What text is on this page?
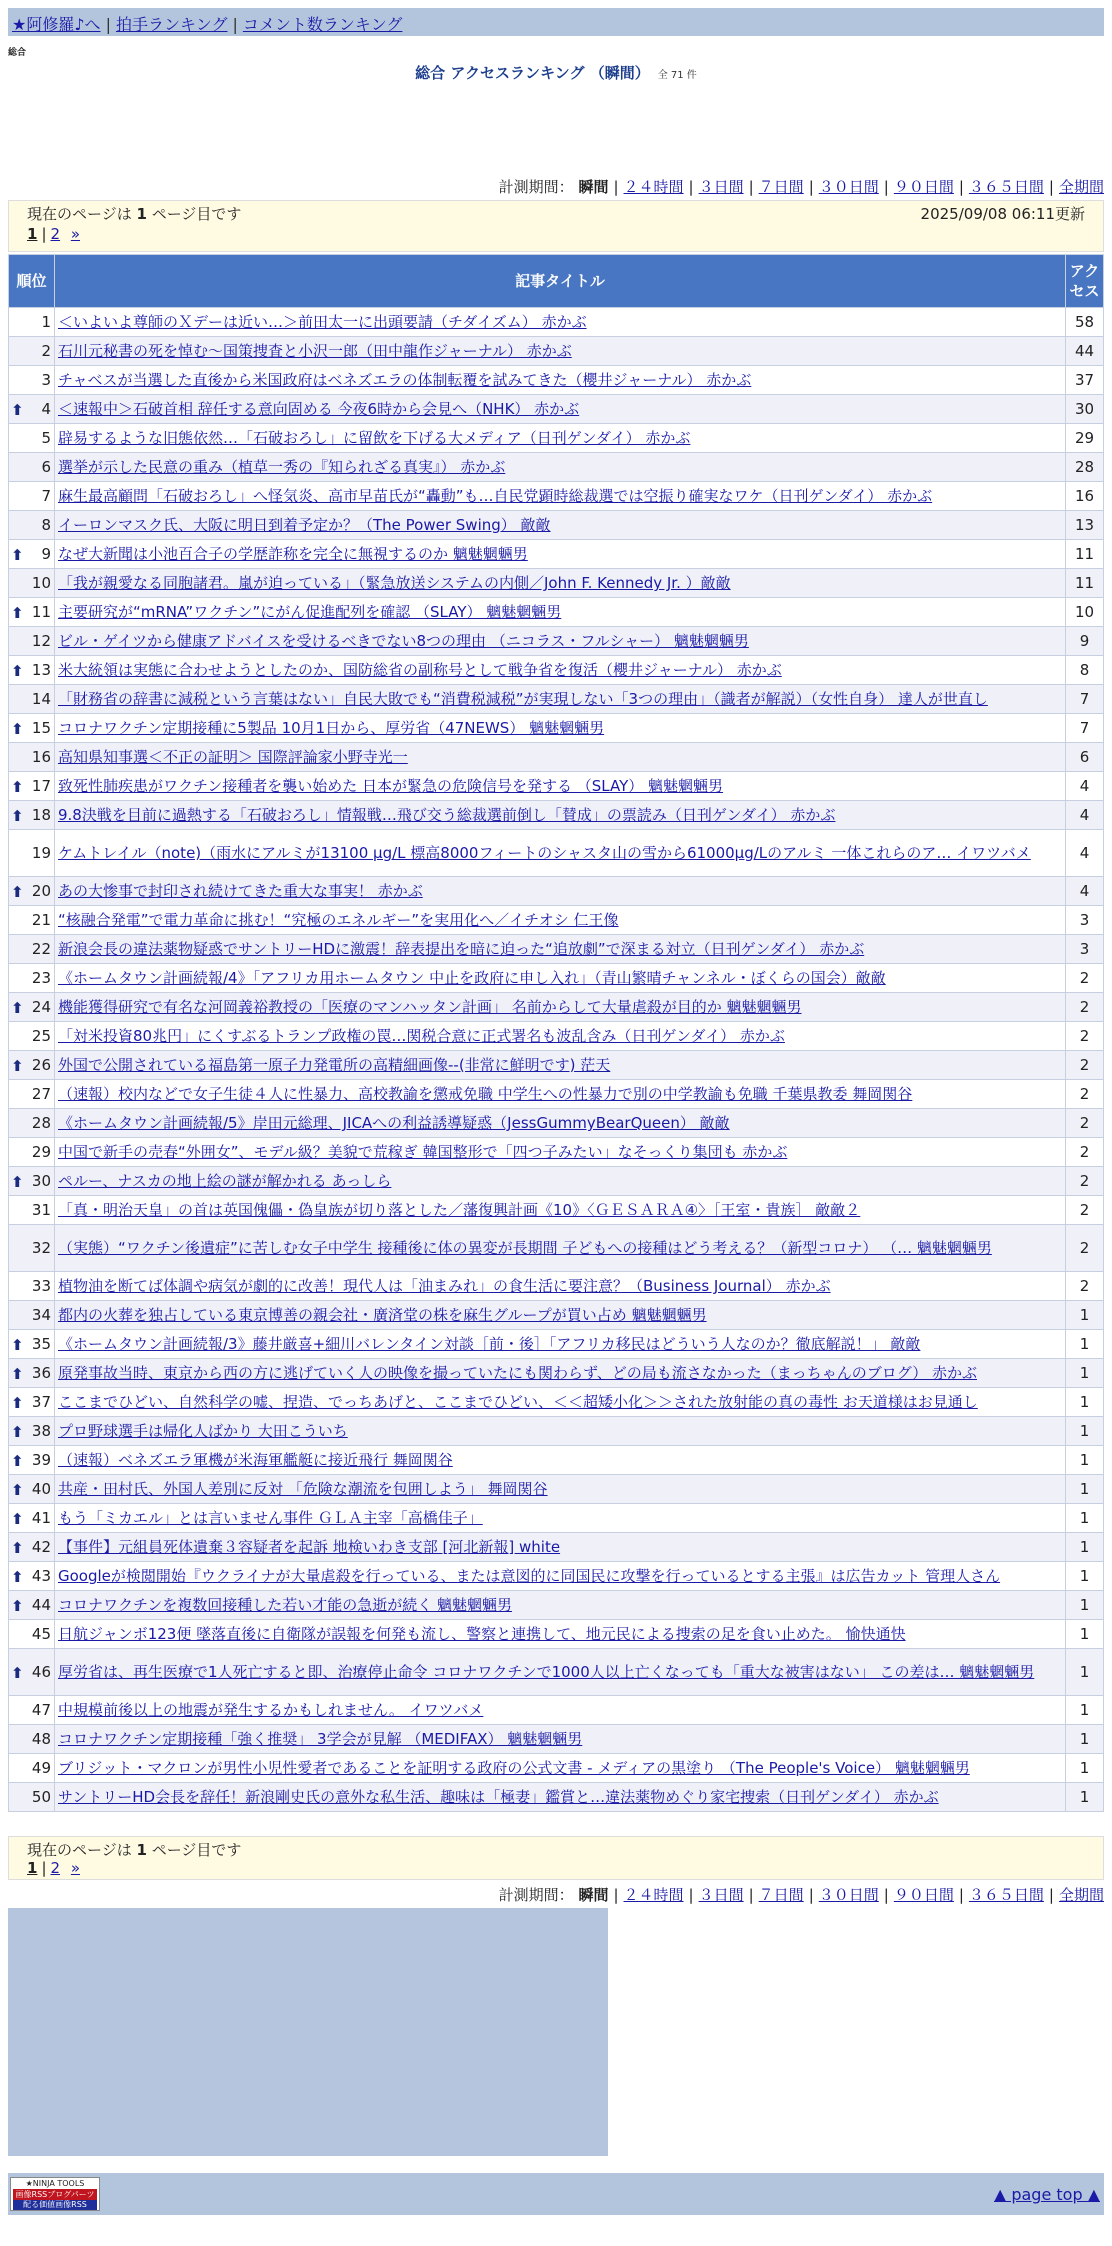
★阿修羅♪へ | 拍手ランキング | コメント数ランキング
総合
総合 アクセスランキング （瞬間） 全 71 件
計測期間： 瞬間 | ２４時間 | ３日間 | ７日間 | ３０日間 | ９０日間 | ３６５日間 | 全期間
現在のページは 1 ページ目です	2025/09/08 06:11更新
1 | 2 »
順位	記事タイトル	アクセス
1	＜いよいよ尊師のＸデーは近い…＞前田太一に出頭要請（チダイズム） 赤かぶ	58
2	石川元秘書の死を悼む〜国策捜査と小沢一郎（田中龍作ジャーナル） 赤かぶ	44
3	チャベスが当選した直後から米国政府はベネズエラの体制転覆を試みてきた（櫻井ジャーナル） 赤かぶ	37

⬆ 4	＜速報中＞石破首相 辞任する意向固める 今夜6時から会見へ（NHK） 赤かぶ	30
5	辟易するような旧態依然…「石破おろし」に留飲を下げる大メディア（日刊ゲンダイ） 赤かぶ	29
6	選挙が示した民意の重み（植草一秀の『知られざる真実』） 赤かぶ	28
7	麻生最高顧問「石破おろし」へ怪気炎、高市早苗氏が“轟動”も…自民党顕時総裁選では空振り確実なワケ（日刊ゲンダイ） 赤かぶ	16
8	イーロンマスク氏、大阪に明日到着予定か？（The Power Swing） 敵敵	13

⬆ 9	なぜ大新聞は小池百合子の学歴詐称を完全に無視するのか 魑魅魍魎男	11
10	「我が親愛なる同胞諸君。嵐が迫っている」（緊急放送システムの内側／John F. Kennedy Jr. ）敵敵	11

⬆ 11	主要研究が“mRNA”ワクチン”にがん促進配列を確認 （SLAY） 魑魅魍魎男	10
12	ビル・ゲイツから健康アドバイスを受けるべきでない8つの理由 （ニコラス・フルシャー） 魑魅魍魎男	9

⬆ 13	米大統領は実態に合わせようとしたのか、国防総省の副称号として戦争省を復活（櫻井ジャーナル） 赤かぶ	8
14	「財務省の辞書に減税という言葉はない」自民大敗でも“消費税減税”が実現しない「3つの理由」（識者が解説）（女性自身） 達人が世直し	7

⬆ 15	コロナワクチン定期接種に5製品 10月1日から、厚労省（47NEWS） 魑魅魍魎男	7
16	高知県知事選＜不正の証明＞ 国際評論家小野寺光一	6

⬆ 17	致死性肺疾患がワクチン接種者を襲い始めた 日本が緊急の危険信号を発する （SLAY） 魑魅魍魎男	4

⬆ 18	9.8決戦を目前に過熱する「石破おろし」情報戦…飛び交う総裁選前倒し「賛成」の票読み（日刊ゲンダイ） 赤かぶ	4
19	ケムトレイル（note)（雨水にアルミが13100 μg/L 標高8000フィートのシャスタ山の雪から61000μg/Lのアルミ 一体これらのア… イワツバメ	4

⬆ 20	あの大惨事で封印され続けてきた重大な事実！ 赤かぶ	4
21	“核融合発電”で電力革命に挑む！“究極のエネルギー”を実用化へ／イチオシ 仁王像	3
22	新浪会長の違法薬物疑惑でサントリーHDに激震！辞表提出を暗に迫った“追放劇”で深まる対立（日刊ゲンダイ） 赤かぶ	3
23	《ホームタウン計画続報/4》「アフリカ用ホームタウン 中止を政府に申し入れ」（青山繁晴チャンネル・ぼくらの国会）敵敵	2

⬆ 24	機能獲得研究で有名な河岡義裕教授の「医療のマンハッタン計画」 名前からして大量虐殺が目的か 魑魅魍魎男	2
25	「対米投資80兆円」にくすぶるトランプ政権の罠…関税合意に正式署名も波乱含み（日刊ゲンダイ） 赤かぶ	2

⬆ 26	外国で公開されている福島第一原子力発電所の高精細画像--(非常に鮮明です) 茫天	2
27	（速報）校内などで女子生徒４人に性暴力、高校教諭を懲戒免職 中学生への性暴力で別の中学教諭も免職 千葉県教委 舞岡関谷	2
28	《ホームタウン計画続報/5》岸田元総理、JICAへの利益誘導疑惑（JessGummyBearQueen） 敵敵	2
29	中国で新手の売春“外囲女”、モデル級？美貌で荒稼ぎ 韓国整形で「四つ子みたい」なそっくり集団も 赤かぶ	2

⬆ 30	ペルー、ナスカの地上絵の謎が解かれる あっしら	2
31	「真・明治天皇」の首は英国傀儡・偽皇族が切り落とした／藩復興計画《10》〈ＧＥＳＡＲＡ④〉［王室・貴族］ 敵敵２	2
32	（実態）“ワクチン後遺症”に苦しむ女子中学生 接種後に体の異変が長期間 子どもへの接種はどう考える？（新型コロナ） （… 魑魅魍魎男	2
33	植物油を断てば体調や病気が劇的に改善！現代人は「油まみれ」の食生活に要注意？（Business Journal） 赤かぶ	2
34	都内の火葬を独占している東京博善の親会社・廣済堂の株を麻生グループが買い占め 魑魅魍魎男	1

⬆ 35	《ホームタウン計画続報/3》藤井厳喜+細川バレンタイン対談［前・後］「アフリカ移民はどういう人なのか？徹底解説！」 敵敵	1

⬆ 36	原発事故当時、東京から西の方に逃げていく人の映像を撮っていたにも関わらず、どの局も流さなかった（まっちゃんのブログ） 赤かぶ	1

⬆ 37	ここまでひどい、自然科学の嘘、捏造、でっちあげと、ここまでひどい、＜＜超矮小化＞＞された放射能の真の毒性 お天道様はお見通し	1

⬆ 38	プロ野球選手は帰化人ばかり 大田こういち	1

⬆ 39	（速報）ベネズエラ軍機が米海軍艦艇に接近飛行 舞岡関谷	1

⬆ 40	共産・田村氏、外国人差別に反対 「危険な潮流を包囲しよう」 舞岡関谷	1

⬆ 41	もう「ミカエル」とは言いません事件 ＧＬＡ主宰「高橋佳子」	1

⬆ 42	【事件】元組員死体遺棄３容疑者を起訴 地検いわき支部 [河北新報] white	1

⬆ 43	Googleが検閲開始『ウクライナが大量虐殺を行っている、または意図的に同国民に攻撃を行っているとする主張』は広告カット 管理人さん	1

⬆ 44	コロナワクチンを複数回接種した若い才能の急逝が続く 魑魅魍魎男	1
45	日航ジャンボ123便 墜落直後に自衛隊が誤報を何発も流し、警察と連携して、地元民による捜索の足を食い止めた。 愉快通快	1

⬆ 46	厚労省は、再生医療で1人死亡すると即、治療停止命令 コロナワクチンで1000人以上亡くなっても「重大な被害はない」 この差は… 魑魅魍魎男	1
47	中規模前後以上の地震が発生するかもしれません。 イワツバメ	1
48	コロナワクチン定期接種「強く推奨」 3学会が見解 （MEDIFAX） 魑魅魍魎男	1
49	ブリジット・マクロンが男性小児性愛者であることを証明する政府の公式文書 - メディアの黒塗り （The People's Voice） 魑魅魍魎男	1
50	サントリーHD会長を辞任！新浪剛史氏の意外な私生活、趣味は「極妻」鑑賞と…違法薬物めぐり家宅捜索（日刊ゲンダイ） 赤かぶ	1
現在のページは 1 ページ目です
1 | 2 »
計測期間： 瞬間 | ２４時間 | ３日間 | ７日間 | ３０日間 | ９０日間 | ３６５日間 | 全期間
★NINJA TOOLS
画像RSSブログパーツ
配る価値画像RSS
▲ page top ▲
